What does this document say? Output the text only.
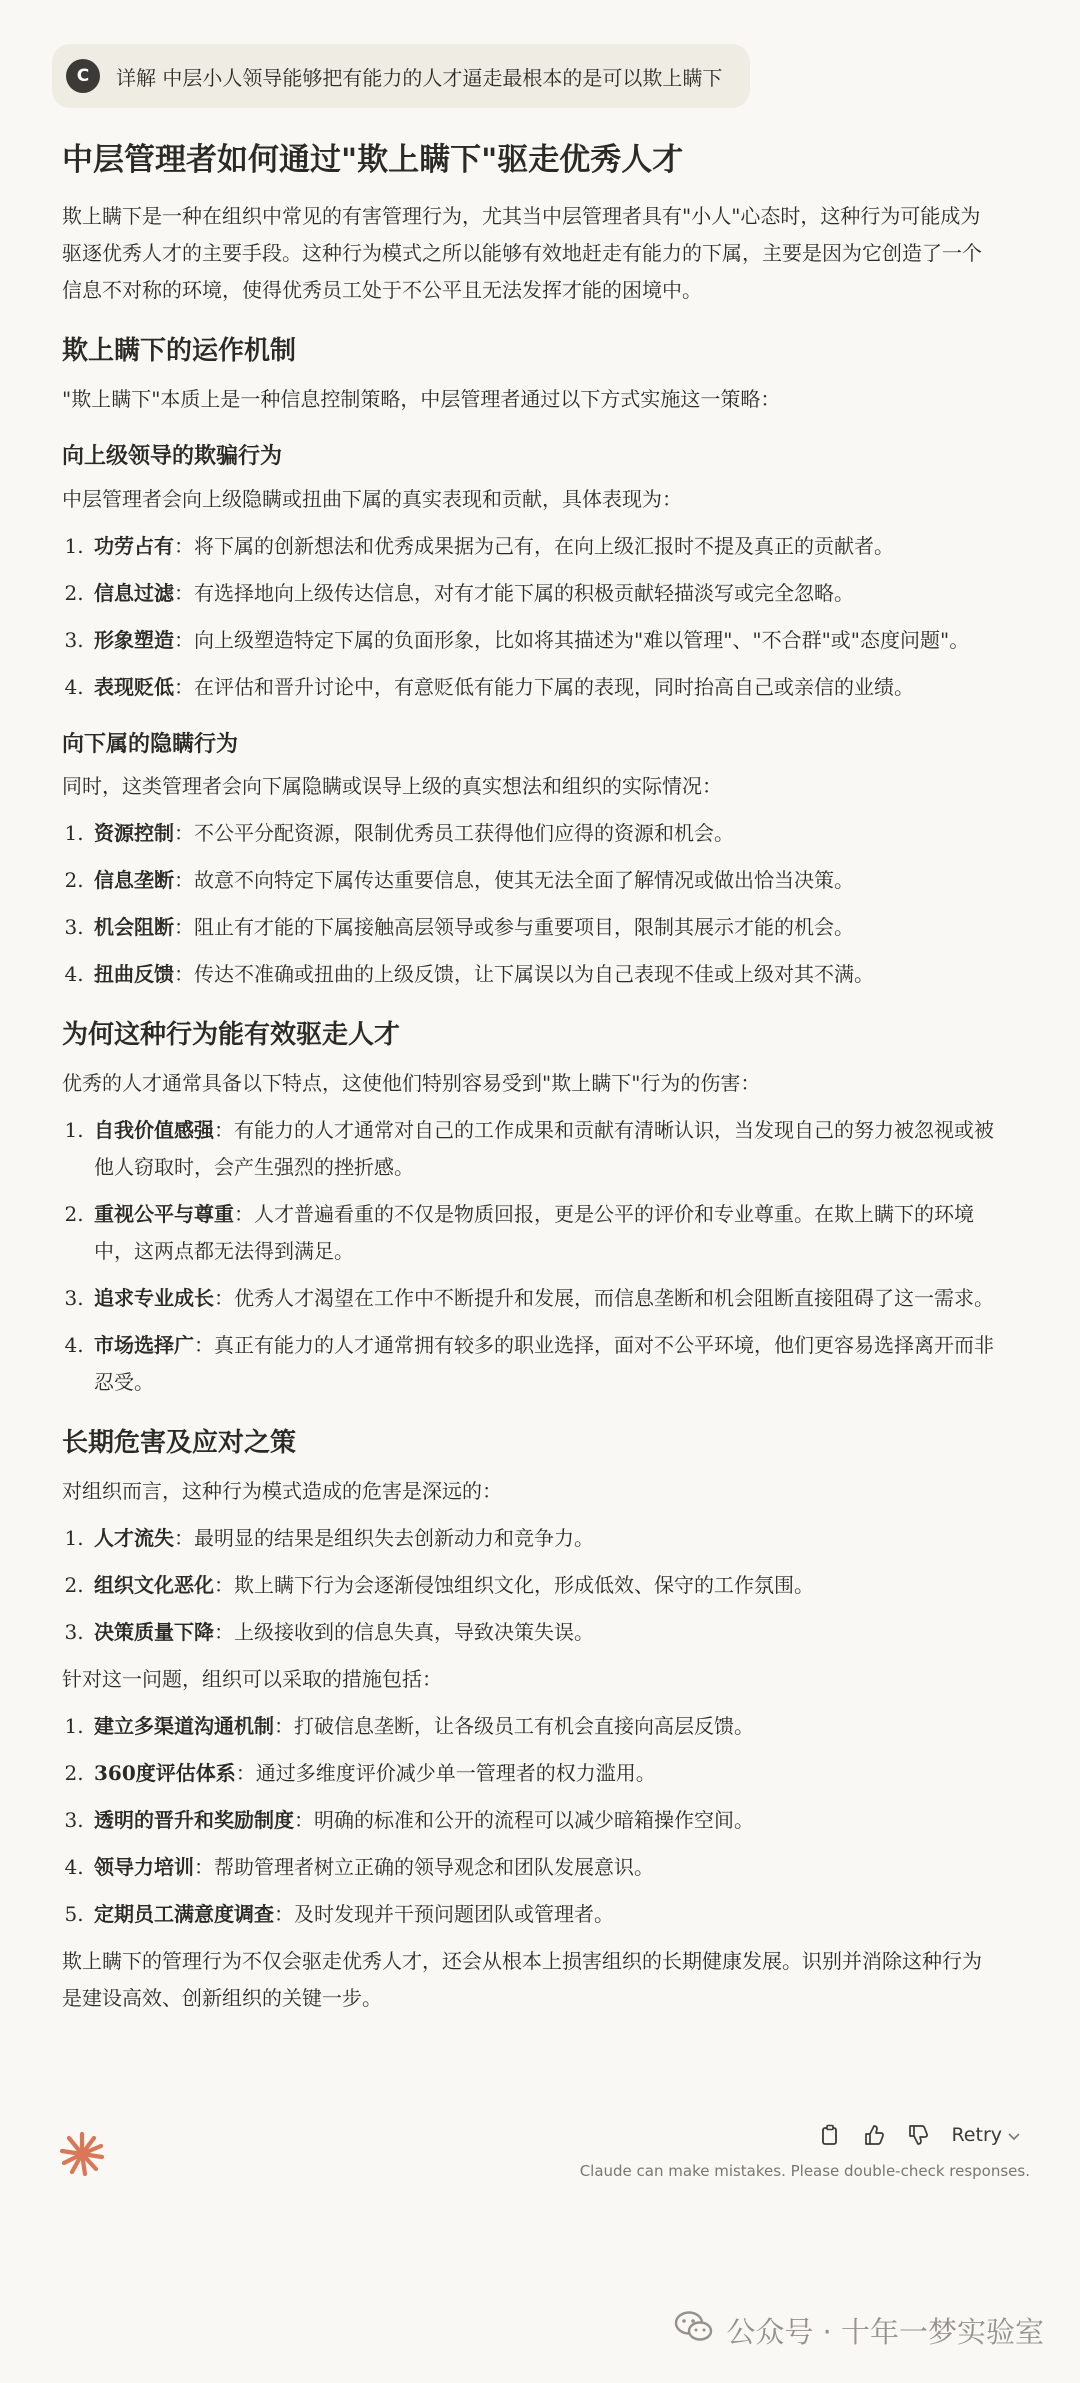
C	详解 中层小人领导能够把有能力的人才逼走最根本的是可以欺上瞒下
中层管理者如何通过"欺上瞒下"驱走优秀人才

欺上瞒下是一种在组织中常见的有害管理行为，尤其当中层管理者具有"小人"心态时，这种行为可能成为驱逐优秀人才的主要手段。这种行为模式之所以能够有效地赶走有能力的下属，主要是因为它创造了一个信息不对称的环境，使得优秀员工处于不公平且无法发挥才能的困境中。

欺上瞒下的运作机制

"欺上瞒下"本质上是一种信息控制策略，中层管理者通过以下方式实施这一策略：

向上级领导的欺骗行为

中层管理者会向上级隐瞒或扭曲下属的真实表现和贡献，具体表现为：

1. 功劳占有：将下属的创新想法和优秀成果据为己有，在向上级汇报时不提及真正的贡献者。
2. 信息过滤：有选择地向上级传达信息，对有才能下属的积极贡献轻描淡写或完全忽略。
3. 形象塑造：向上级塑造特定下属的负面形象，比如将其描述为"难以管理"、"不合群"或"态度问题"。
4. 表现贬低：在评估和晋升讨论中，有意贬低有能力下属的表现，同时抬高自己或亲信的业绩。
向下属的隐瞒行为

同时，这类管理者会向下属隐瞒或误导上级的真实想法和组织的实际情况：

1. 资源控制：不公平分配资源，限制优秀员工获得他们应得的资源和机会。
2. 信息垄断：故意不向特定下属传达重要信息，使其无法全面了解情况或做出恰当决策。
3. 机会阻断：阻止有才能的下属接触高层领导或参与重要项目，限制其展示才能的机会。
4. 扭曲反馈：传达不准确或扭曲的上级反馈，让下属误以为自己表现不佳或上级对其不满。
为何这种行为能有效驱走人才

优秀的人才通常具备以下特点，这使他们特别容易受到"欺上瞒下"行为的伤害：

1. 自我价值感强：有能力的人才通常对自己的工作成果和贡献有清晰认识，当发现自己的努力被忽视或被他人窃取时，会产生强烈的挫折感。
2. 重视公平与尊重：人才普遍看重的不仅是物质回报，更是公平的评价和专业尊重。在欺上瞒下的环境中，这两点都无法得到满足。
3. 追求专业成长：优秀人才渴望在工作中不断提升和发展，而信息垄断和机会阻断直接阻碍了这一需求。
4. 市场选择广：真正有能力的人才通常拥有较多的职业选择，面对不公平环境，他们更容易选择离开而非忍受。
长期危害及应对之策

对组织而言，这种行为模式造成的危害是深远的：

1. 人才流失：最明显的结果是组织失去创新动力和竞争力。
2. 组织文化恶化：欺上瞒下行为会逐渐侵蚀组织文化，形成低效、保守的工作氛围。
3. 决策质量下降：上级接收到的信息失真，导致决策失误。

针对这一问题，组织可以采取的措施包括：

1. 建立多渠道沟通机制：打破信息垄断，让各级员工有机会直接向高层反馈。
2. 360度评估体系：通过多维度评价减少单一管理者的权力滥用。
3. 透明的晋升和奖励制度：明确的标准和公开的流程可以减少暗箱操作空间。
4. 领导力培训：帮助管理者树立正确的领导观念和团队发展意识。
5. 定期员工满意度调查：及时发现并干预问题团队或管理者。

欺上瞒下的管理行为不仅会驱走优秀人才，还会从根本上损害组织的长期健康发展。识别并消除这种行为是建设高效、创新组织的关键一步。

Retry
Claude can make mistakes. Please double-check responses.
公众号 · 十年一梦实验室
